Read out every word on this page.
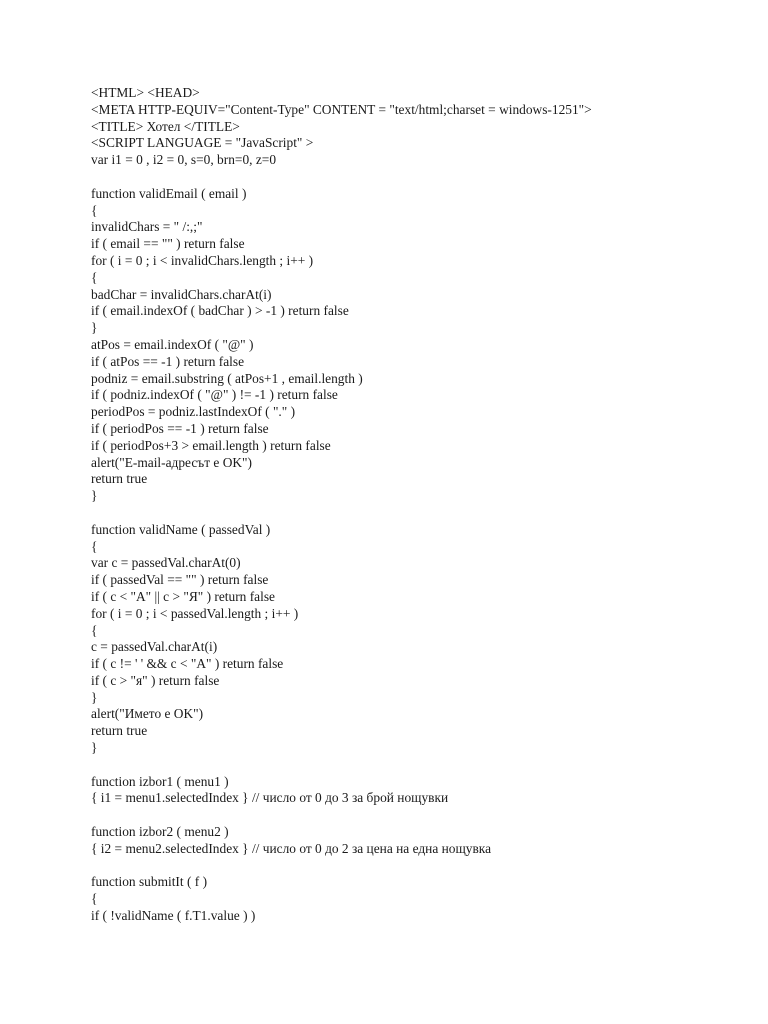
<HTML> <HEAD>
<META HTTP-EQUIV="Content-Type" CONTENT = "text/html;charset = windows-1251">
<TITLE> Хотел </TITLE>
<SCRIPT LANGUAGE = "JavaScript" >
var i1 = 0 , i2 = 0, s=0, brn=0, z=0
function validEmail ( email )
{
invalidChars = " /:,;"
if ( email == "" ) return false
for ( i = 0 ; i < invalidChars.length ; i++ )
{
badChar = invalidChars.charAt(i)
if ( email.indexOf ( badChar ) > -1 ) return false
}
atPos = email.indexOf ( "@" )
if ( atPos == -1 ) return false
podniz = email.substring ( atPos+1 , email.length )
if ( podniz.indexOf ( "@" ) != -1 ) return false
periodPos = podniz.lastIndexOf ( "." )
if ( periodPos == -1 ) return false
if ( periodPos+3 > email.length ) return false
alert("E-mail-адресът е OK")
return true
}
function validName ( passedVal )
{
var c = passedVal.charAt(0)
if ( passedVal == "" ) return false
if ( c < "А" || c > "Я" ) return false
for ( i = 0 ; i < passedVal.length ; i++ )
{
c = passedVal.charAt(i)
if ( c != ' ' && c < "А" ) return false
if ( c > "я" ) return false
}
alert("Името е OK")
return true
}
function izbor1 ( menu1 )
{ i1 = menu1.selectedIndex } // число от 0 до 3 за брой нощувки
function izbor2 ( menu2 )
{ i2 = menu2.selectedIndex } // число от 0 до 2 за цена на една нощувка
function submitIt ( f )
{
if ( !validName ( f.T1.value ) )
